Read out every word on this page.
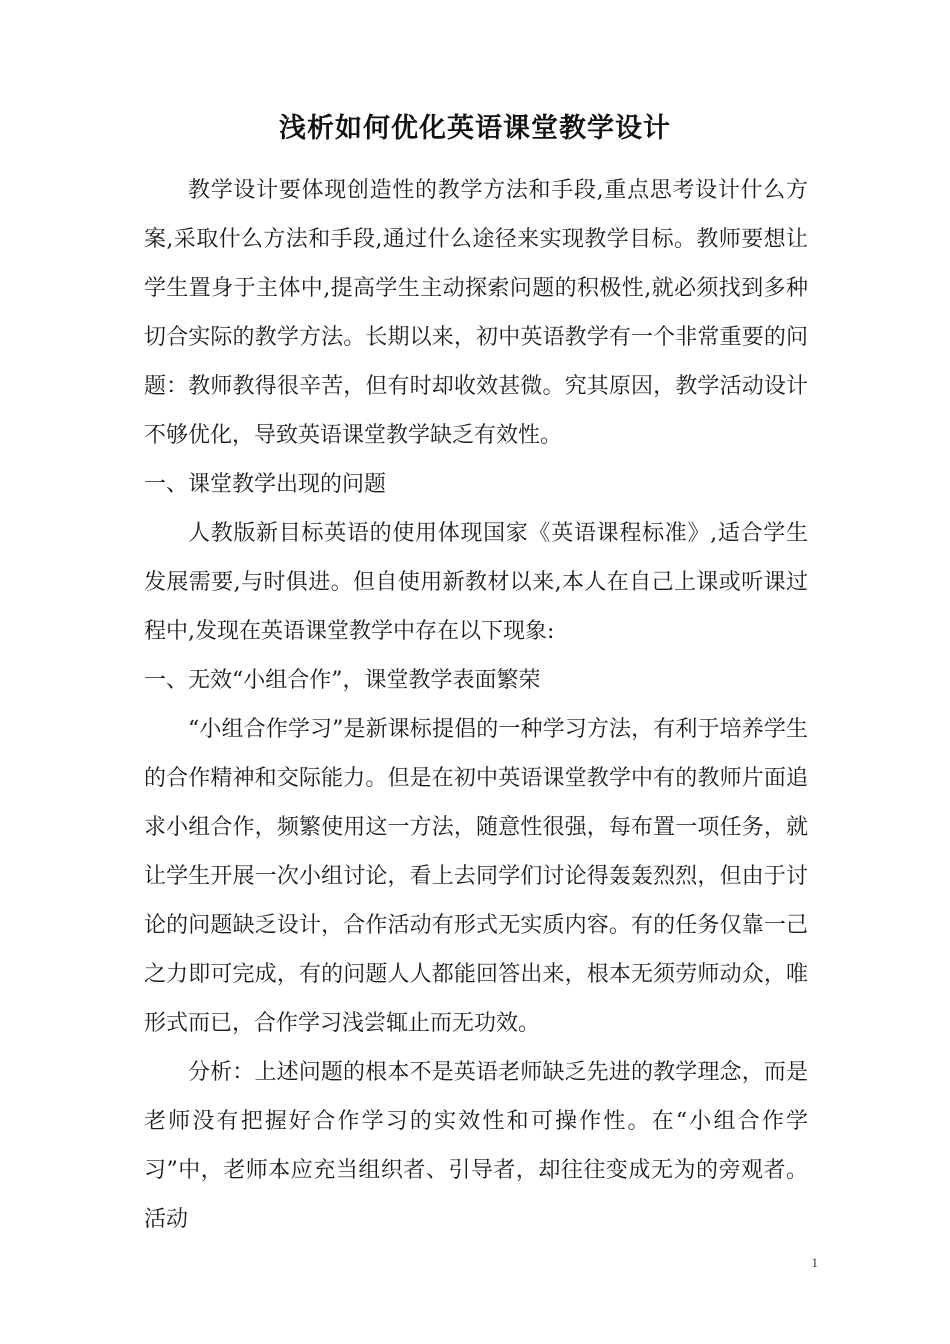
浅析如何优化英语课堂教学设计

教学设计要体现创造性的教学方法和手段,重点思考设计什么方案,采取什么方法和手段,通过什么途径来实现教学目标。教师要想让学生置身于主体中,提高学生主动探索问题的积极性,就必须找到多种切合实际的教学方法。长期以来，初中英语教学有一个非常重要的问题：教师教得很辛苦，但有时却收效甚微。究其原因，教学活动设计不够优化，导致英语课堂教学缺乏有效性。

一、课堂教学出现的问题

人教版新目标英语的使用体现国家《英语课程标准》,适合学生发展需要,与时俱进。但自使用新教材以来,本人在自己上课或听课过程中,发现在英语课堂教学中存在以下现象:

一、无效“小组合作”，课堂教学表面繁荣

“小组合作学习”是新课标提倡的一种学习方法，有利于培养学生的合作精神和交际能力。但是在初中英语课堂教学中有的教师片面追求小组合作，频繁使用这一方法，随意性很强，每布置一项任务，就让学生开展一次小组讨论，看上去同学们讨论得轰轰烈烈，但由于讨论的问题缺乏设计，合作活动有形式无实质内容。有的任务仅靠一己之力即可完成，有的问题人人都能回答出来，根本无须劳师动众，唯形式而已，合作学习浅尝辄止而无功效。

分析：上述问题的根本不是英语老师缺乏先进的教学理念，而是老师没有把握好合作学习的实效性和可操作性。在“小组合作学习”中，老师本应充当组织者、引导者，却往往变成无为的旁观者。活动

1
